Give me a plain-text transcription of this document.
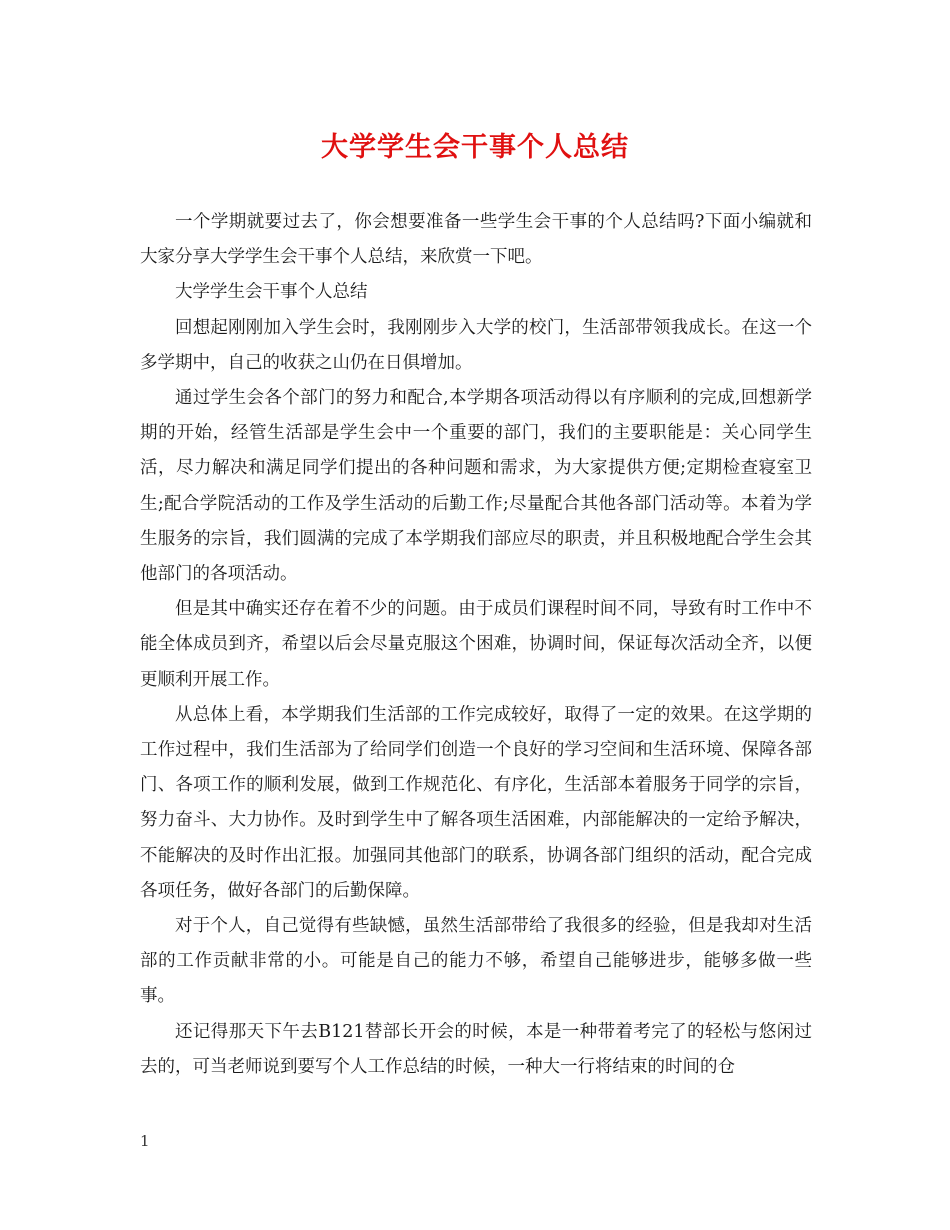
大学学生会干事个人总结

一个学期就要过去了，你会想要准备一些学生会干事的个人总结吗?下面小编就和大家分享大学学生会干事个人总结，来欣赏一下吧。

大学学生会干事个人总结

回想起刚刚加入学生会时，我刚刚步入大学的校门，生活部带领我成长。在这一个多学期中，自己的收获之山仍在日俱增加。

通过学生会各个部门的努力和配合,本学期各项活动得以有序顺利的完成,回想新学期的开始，经管生活部是学生会中一个重要的部门，我们的主要职能是：关心同学生活，尽力解决和满足同学们提出的各种问题和需求，为大家提供方便;定期检查寝室卫生;配合学院活动的工作及学生活动的后勤工作;尽量配合其他各部门活动等。本着为学生服务的宗旨，我们圆满的完成了本学期我们部应尽的职责，并且积极地配合学生会其他部门的各项活动。

但是其中确实还存在着不少的问题。由于成员们课程时间不同，导致有时工作中不能全体成员到齐，希望以后会尽量克服这个困难，协调时间，保证每次活动全齐，以便更顺利开展工作。

从总体上看，本学期我们生活部的工作完成较好，取得了一定的效果。在这学期的工作过程中，我们生活部为了给同学们创造一个良好的学习空间和生活环境、保障各部门、各项工作的顺利发展，做到工作规范化、有序化，生活部本着服务于同学的宗旨，努力奋斗、大力协作。及时到学生中了解各项生活困难，内部能解决的一定给予解决，不能解决的及时作出汇报。加强同其他部门的联系，协调各部门组织的活动，配合完成各项任务，做好各部门的后勤保障。

对于个人，自己觉得有些缺憾，虽然生活部带给了我很多的经验，但是我却对生活部的工作贡献非常的小。可能是自己的能力不够，希望自己能够进步，能够多做一些事。

还记得那天下午去B121替部长开会的时候，本是一种带着考完了的轻松与悠闲过去的，可当老师说到要写个人工作总结的时候，一种大一行将结束的时间的仓

1
